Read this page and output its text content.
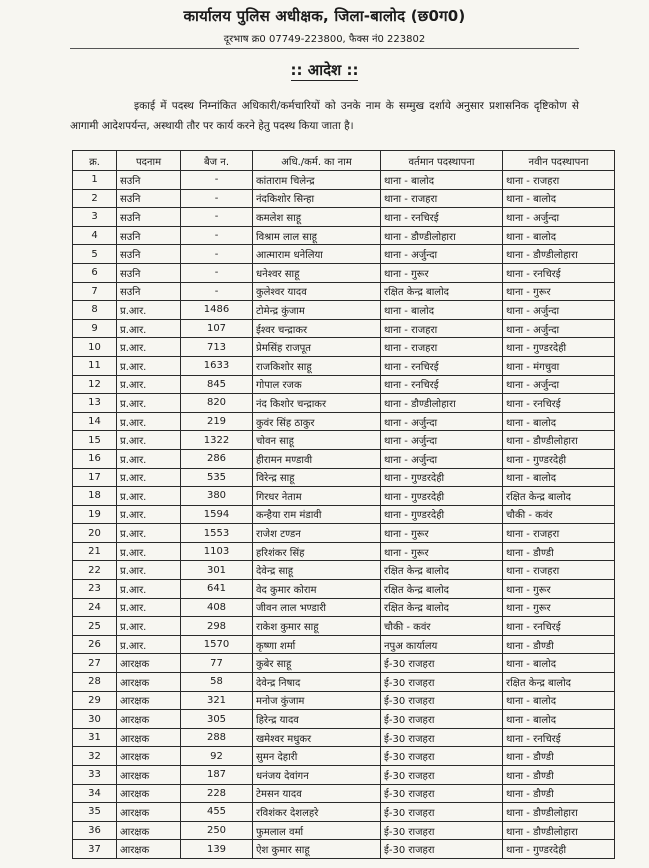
कार्यालय पुलिस अधीक्षक, जिला-बालोद (छ0ग0)
दूरभाष क्र0 07749-223800, फैक्स नं0 223802
:: आदेश ::
इकाई में पदस्थ निम्नांकित अधिकारी/कर्मचारियों को उनके नाम के सम्मुख दर्शाये अनुसार प्रशासनिक दृष्टिकोण से आगामी आदेशपर्यन्त, अस्थायी तौर पर कार्य करने हेतु पदस्थ किया जाता है।
क्र.	पदनाम	बैज न.	अधि./कर्म. का नाम	वर्तमान पदस्थापना	नवीन पदस्थापना
1	सउनि	-	कांताराम चिलेन्द्र	थाना - बालोद	थाना - राजहरा
2	सउनि	-	नंदकिशोर सिन्हा	थाना - राजहरा	थाना - बालोद
3	सउनि	-	कमलेश साहू	थाना - रनचिरई	थाना - अर्जुन्दा
4	सउनि	-	विश्राम लाल साहू	थाना - डौण्डीलोहारा	थाना - बालोद
5	सउनि	-	आत्माराम धनेलिया	थाना - अर्जुन्दा	थाना - डौण्डीलोहारा
6	सउनि	-	धनेश्वर साहू	थाना - गुरूर	थाना - रनचिरई
7	सउनि	-	कुलेश्वर यादव	रक्षित केन्द्र बालोद	थाना - गुरूर
8	प्र.आर.	1486	टोमेन्द्र कुंजाम	थाना - बालोद	थाना - अर्जुन्दा
9	प्र.आर.	107	ईश्वर चन्द्राकर	थाना - राजहरा	थाना - अर्जुन्दा
10	प्र.आर.	713	प्रेमसिंह राजपूत	थाना - राजहरा	थाना - गुण्डरदेही
11	प्र.आर.	1633	राजकिशोर साहू	थाना - रनचिरई	थाना - मंगचुवा
12	प्र.आर.	845	गोपाल रजक	थाना - रनचिरई	थाना - अर्जुन्दा
13	प्र.आर.	820	नंद किशोर चन्द्राकर	थाना - डौण्डीलोहारा	थाना - रनचिरई
14	प्र.आर.	219	कुवंर सिंह ठाकुर	थाना - अर्जुन्दा	थाना - बालोद
15	प्र.आर.	1322	चोवन साहू	थाना - अर्जुन्दा	थाना - डौण्डीलोहारा
16	प्र.आर.	286	हीरामन मण्डावी	थाना - अर्जुन्दा	थाना - गुण्डरदेही
17	प्र.आर.	535	विरेन्द्र साहू	थाना - गुण्डरदेही	थाना - बालोद
18	प्र.आर.	380	गिरधर नेताम	थाना - गुण्डरदेही	रक्षित केन्द्र बालोद
19	प्र.आर.	1594	कन्हैया राम मंडावी	थाना - गुण्डरदेही	चौकी - कवंर
20	प्र.आर.	1553	राजेश टण्डन	थाना - गुरूर	थाना - राजहरा
21	प्र.आर.	1103	हरिशंकर सिंह	थाना - गुरूर	थाना - डौण्डी
22	प्र.आर.	301	देवेन्द्र साहू	रक्षित केन्द्र बालोद	थाना - राजहरा
23	प्र.आर.	641	वेद कुमार कोराम	रक्षित केन्द्र बालोद	थाना - गुरूर
24	प्र.आर.	408	जीवन लाल भण्डारी	रक्षित केन्द्र बालोद	थाना - गुरूर
25	प्र.आर.	298	राकेश कुमार साहू	चौकी - कवंर	थाना - रनचिरई
26	प्र.आर.	1570	कृष्णा शर्मा	नपुअ कार्यालय	थाना - डौण्डी
27	आरक्षक	77	कुबेर साहू	ई-30 राजहरा	थाना - बालोद
28	आरक्षक	58	देवेन्द्र निषाद	ई-30 राजहरा	रक्षित केन्द्र बालोद
29	आरक्षक	321	मनोज कुंजाम	ई-30 राजहरा	थाना - बालोद
30	आरक्षक	305	हिरेन्द्र यादव	ई-30 राजहरा	थाना - बालोद
31	आरक्षक	288	खमेश्वर मधुकर	ई-30 राजहरा	थाना - रनचिरई
32	आरक्षक	92	सुमन देहारी	ई-30 राजहरा	थाना - डौण्डी
33	आरक्षक	187	धनंजय देवांगन	ई-30 राजहरा	थाना - डौण्डी
34	आरक्षक	228	टेमसन यादव	ई-30 राजहरा	थाना - डौण्डी
35	आरक्षक	455	रविशंकर देशलहरे	ई-30 राजहरा	थाना - डौण्डीलोहारा
36	आरक्षक	250	फुमलाल वर्मा	ई-30 राजहरा	थाना - डौण्डीलोहारा
37	आरक्षक	139	ऐश कुमार साहू	ई-30 राजहरा	थाना - गुण्डरदेही
